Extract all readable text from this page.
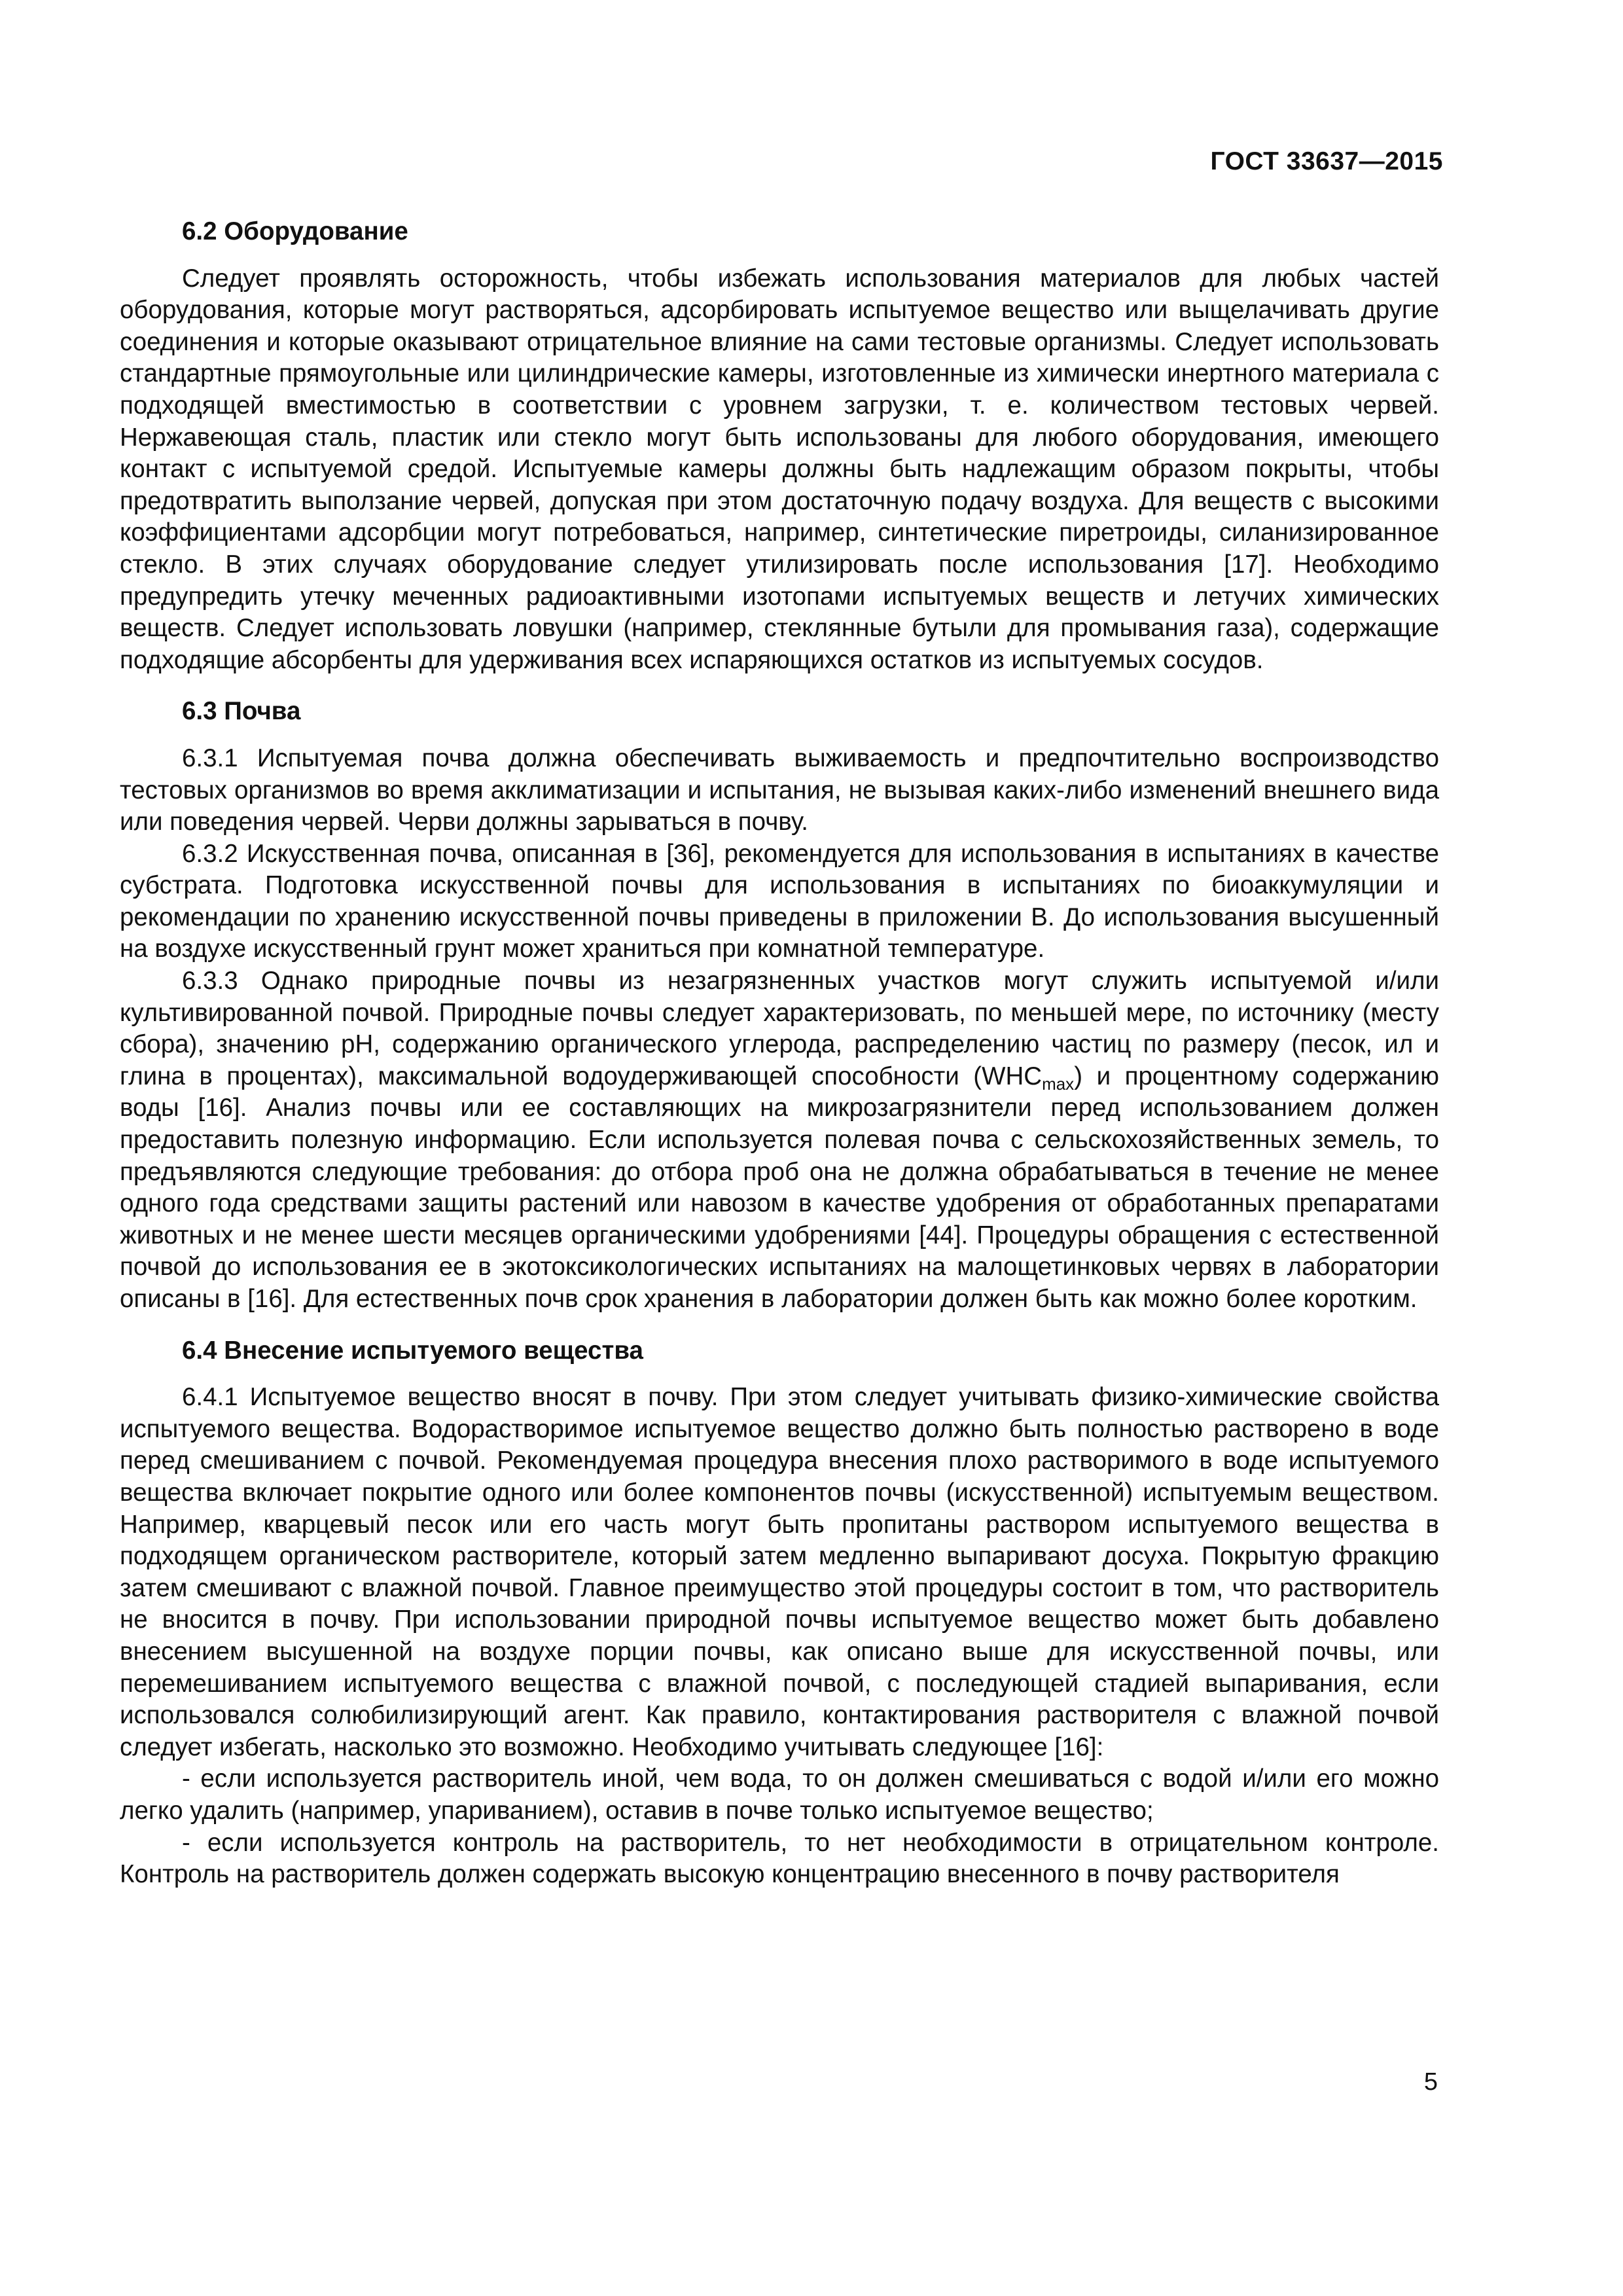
ГОСТ 33637—2015
6.2 Оборудование

Следует проявлять осторожность, чтобы избежать использования материалов для любых частей оборудования, которые могут растворяться, адсорбировать испытуемое вещество или выщелачивать другие соединения и которые оказывают отрицательное влияние на сами тестовые организмы. Следует использовать стандартные прямоугольные или цилиндрические камеры, изготовленные из химически инертного материала с подходящей вместимостью в соответствии с уровнем загрузки, т. е. количеством тестовых червей. Нержавеющая сталь, пластик или стекло могут быть использованы для любого оборудования, имеющего контакт с испытуемой средой. Испытуемые камеры должны быть надлежащим образом покрыты, чтобы предотвратить выползание червей, допуская при этом достаточную подачу воздуха. Для веществ с высокими коэффициентами адсорбции могут потребоваться, например, синтетические пиретроиды, силанизированное стекло. В этих случаях оборудование следует утилизировать после использования [17]. Необходимо предупредить утечку меченных радиоактивными изотопами испытуемых веществ и летучих химических веществ. Следует использовать ловушки (например, стеклянные бутыли для промывания газа), содержащие подходящие абсорбенты для удерживания всех испаряющихся остатков из испытуемых сосудов.

6.3 Почва

6.3.1 Испытуемая почва должна обеспечивать выживаемость и предпочтительно воспроизводство тестовых организмов во время акклиматизации и испытания, не вызывая каких-либо изменений внешнего вида или поведения червей. Черви должны зарываться в почву.

6.3.2 Искусственная почва, описанная в [36], рекомендуется для использования в испытаниях в качестве субстрата. Подготовка искусственной почвы для использования в испытаниях по биоаккумуляции и рекомендации по хранению искусственной почвы приведены в приложении В. До использования высушенный на воздухе искусственный грунт может храниться при комнатной температуре.

6.3.3 Однако природные почвы из незагрязненных участков могут служить испытуемой и/или культивированной почвой. Природные почвы следует характеризовать, по меньшей мере, по источнику (месту сбора), значению pH, содержанию органического углерода, распределению частиц по размеру (песок, ил и глина в процентах), максимальной водоудерживающей способности $(WHC_{max})$ и процентному содержанию воды [16]. Анализ почвы или ее составляющих на микрозагрязнители перед использованием должен предоставить полезную информацию. Если используется полевая почва с сельскохозяйственных земель, то предъявляются следующие требования: до отбора проб она не должна обрабатываться в течение не менее одного года средствами защиты растений или навозом в качестве удобрения от обработанных препаратами животных и не менее шести месяцев органическими удобрениями [44]. Процедуры обращения с естественной почвой до использования ее в экотоксикологических испытаниях на малощетинковых червях в лаборатории описаны в [16]. Для естественных почв срок хранения в лаборатории должен быть как можно более коротким.

6.4 Внесение испытуемого вещества

6.4.1 Испытуемое вещество вносят в почву. При этом следует учитывать физико-химические свойства испытуемого вещества. Водорастворимое испытуемое вещество должно быть полностью растворено в воде перед смешиванием с почвой. Рекомендуемая процедура внесения плохо растворимого в воде испытуемого вещества включает покрытие одного или более компонентов почвы (искусственной) испытуемым веществом. Например, кварцевый песок или его часть могут быть пропитаны раствором испытуемого вещества в подходящем органическом растворителе, который затем медленно выпаривают досуха. Покрытую фракцию затем смешивают с влажной почвой. Главное преимущество этой процедуры состоит в том, что растворитель не вносится в почву. При использовании природной почвы испытуемое вещество может быть добавлено внесением высушенной на воздухе порции почвы, как описано выше для искусственной почвы, или перемешиванием испытуемого вещества с влажной почвой, с последующей стадией выпаривания, если использовался солюбилизирующий агент. Как правило, контактирования растворителя с влажной почвой следует избегать, насколько это возможно. Необходимо учитывать следующее [16]:

- если используется растворитель иной, чем вода, то он должен смешиваться с водой и/или его можно легко удалить (например, упариванием), оставив в почве только испытуемое вещество;

- если используется контроль на растворитель, то нет необходимости в отрицательном контроле. Контроль на растворитель должен содержать высокую концентрацию внесенного в почву растворителя

5
